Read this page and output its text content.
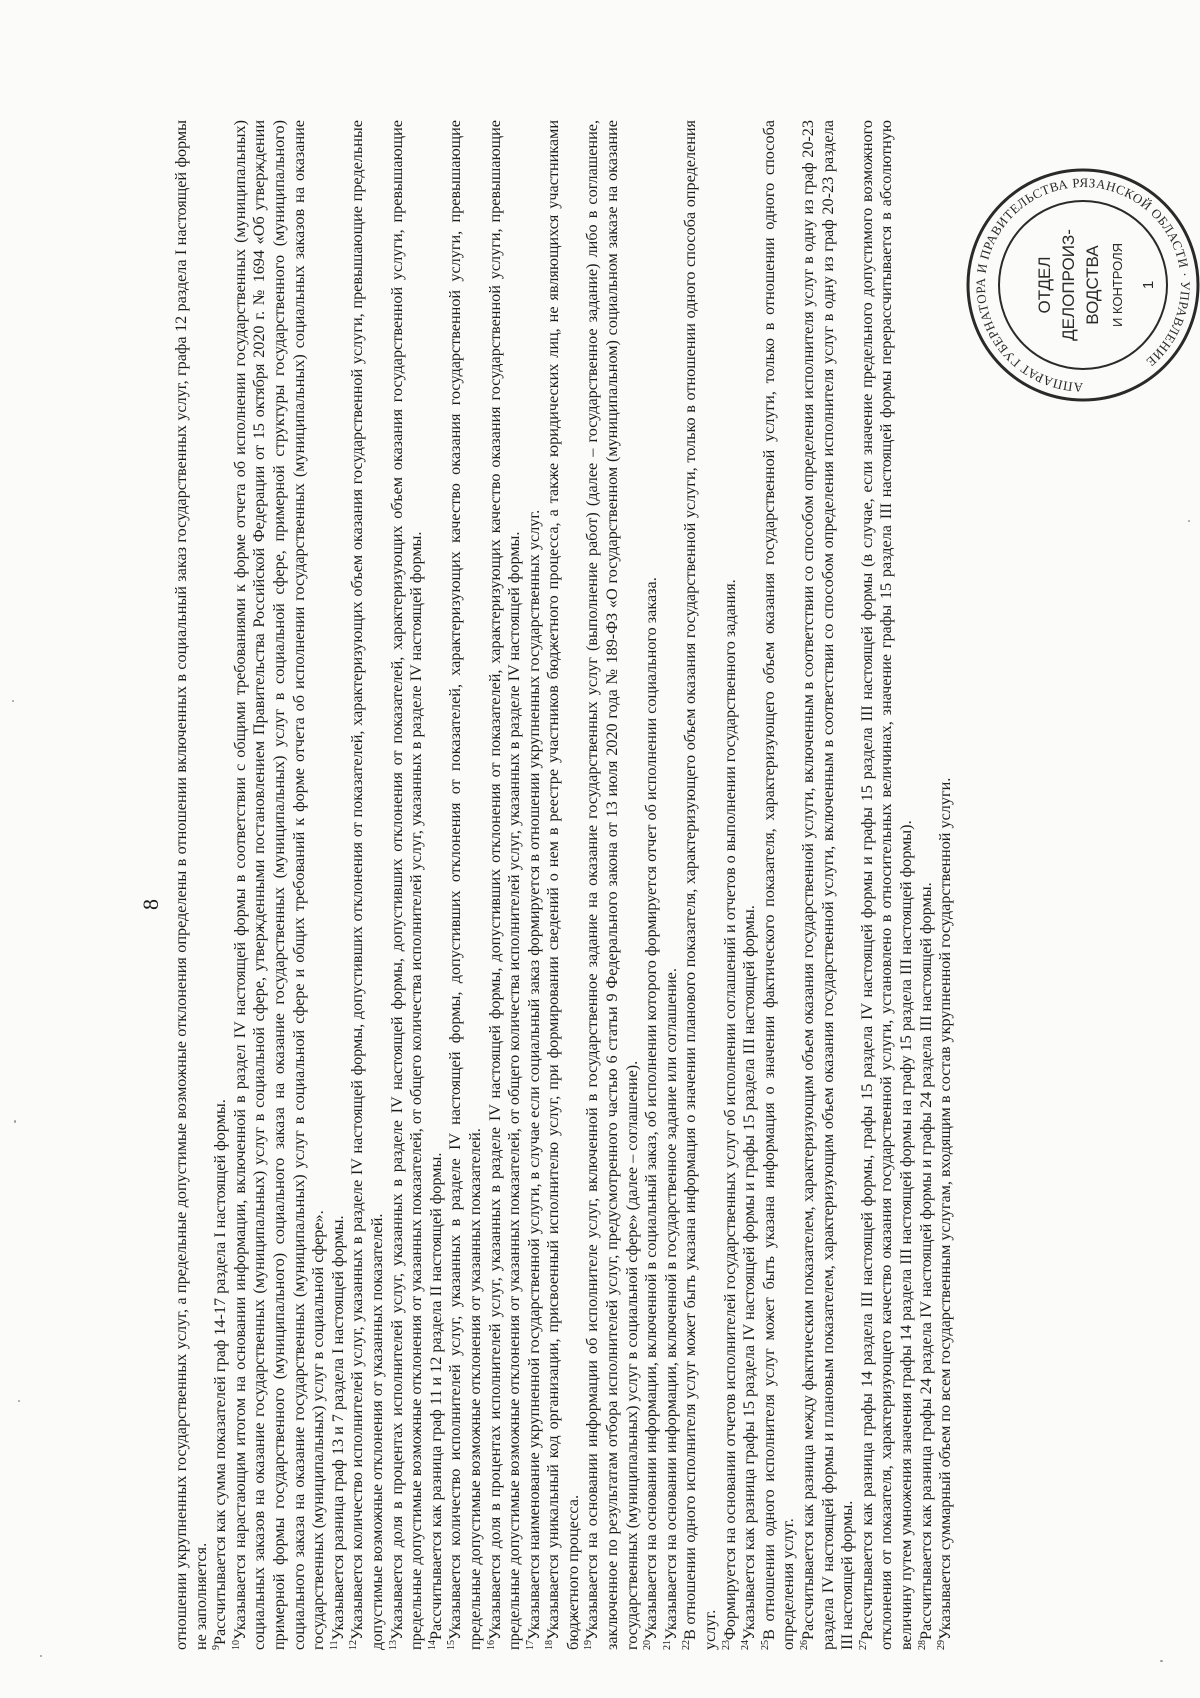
8 отношении укрупненных государственных услуг, а предельные допустимые возможные отклонения определены в отношении включенных в социальный заказ государственных услуг, графа 12 раздела I настоящей формы не заполняется. $^9$Рассчитывается как сумма показателей граф 14-17 раздела I настоящей формы. $^{10}$Указывается нарастающим итогом на основании информации, включенной в раздел IV настоящей формы в соответствии с общими требованиями к форме отчета об исполнении государственных (муниципальных) социальных заказов на оказание государственных (муниципальных) услуг в социальной сфере, утвержденными постановлением Правительства Российской Федерации от 15 октября 2020 г. № 1694 «Об утверждении примерной формы государственного (муниципального) социального заказа на оказание государственных (муниципальных) услуг в социальной сфере, примерной структуры государственного (муниципального) социального заказа на оказание государственных (муниципальных) услуг в социальной сфере и общих требований к форме отчета об исполнении государственных (муниципальных) социальных заказов на оказание государственных (муниципальных) услуг в социальной сфере». $^{11}$Указывается разница граф 13 и 7 раздела I настоящей формы.

$^{12}$Указывается количество исполнителей услуг, указанных в разделе IV настоящей формы, допустивших отклонения от показателей, характеризующих объем оказания государственной услуги, превышающие предельные допустимые возможные отклонения от указанных показателей. $^{13}$Указывается доля в процентах исполнителей услуг, указанных в разделе IV настоящей формы, допустивших отклонения от показателей, характеризующих объем оказания государственной услуги, превышающие предельные допустимые возможные отклонения от указанных показателей, от общего количества исполнителей услуг, указанных в разделе IV настоящей формы. $^{14}$Рассчитывается как разница граф 11 и 12 раздела II настоящей формы.

$^{15}$Указывается количество исполнителей услуг, указанных в разделе IV настоящей формы, допустивших отклонения от показателей, характеризующих качество оказания государственной услуги, превышающие предельные допустимые возможные отклонения от указанных показателей. $^{16}$Указывается доля в процентах исполнителей услуг, указанных в разделе IV настоящей формы, допустивших отклонения от показателей, характеризующих качество оказания государственной услуги, превышающие предельные допустимые возможные отклонения от указанных показателей, от общего количества исполнителей услуг, указанных в разделе IV настоящей формы. $^{17}$Указывается наименование укрупненной государственной услуги, в случае если социальный заказ формируется в отношении укрупненных государственных услуг.

$^{18}$Указывается уникальный код организации, присвоенный исполнителю услуг, при формировании сведений о нем в реестре участников бюджетного процесса, а также юридических лиц, не являющихся участниками бюджетного процесса. $^{19}$Указывается на основании информации об исполнителе услуг, включенной в государственное задание на оказание государственных услуг (выполнение работ) (далее – государственное задание) либо в соглашение, заключенное по результатам отбора исполнителей услуг, предусмотренного частью 6 статьи 9 Федерального закона от 13 июля 2020 года № 189-ФЗ «О государственном (муниципальном) социальном заказе на оказание государственных (муниципальных) услуг в социальной сфере» (далее – соглашение). $^{20}$Указывается на основании информации, включенной в социальный заказ, об исполнении которого формируется отчет об исполнении социального заказа.

$^{21}$Указывается на основании информации, включенной в государственное задание или соглашение.

$^{22}$В отношении одного исполнителя услуг может быть указана информация о значении планового показателя, характеризующего объем оказания государственной услуги, только в отношении одного способа определения услуг. $^{23}$Формируется на основании отчетов исполнителей государственных услуг об исполнении соглашений и отчетов о выполнении государственного задания.

$^{24}$Указывается как разница графы 15 раздела IV настоящей формы и графы 15 раздела III настоящей формы.

$^{25}$В отношении одного исполнителя услуг может быть указана информация о значении фактического показателя, характеризующего объем оказания государственной услуги, только в отношении одного способа определения услуг. $^{26}$Рассчитывается как разница между фактическим показателем, характеризующим объем оказания государственной услуги, включенным в соответствии со способом определения исполнителя услуг в одну из граф 20-23 раздела IV настоящей формы и плановым показателем, характеризующим объем оказания государственной услуги, включенным в соответствии со способом определения исполнителя услуг в одну из граф 20-23 раздела III настоящей формы. $^{27}$Рассчитывается как разница графы 14 раздела III настоящей формы, графы 15 раздела IV настоящей формы и графы 15 раздела III настоящей формы (в случае, если значение предельного допустимого возможного отклонения от показателя, характеризующего качество оказания государственной услуги, установлено в относительных величинах, значение графы 15 раздела III настоящей формы перерассчитывается в абсолютную величину путем умножения значения графы 14 раздела III настоящей формы на графу 15 раздела III настоящей формы). $^{28}$Рассчитывается как разница графы 24 раздела IV настоящей формы и графы 24 раздела III настоящей формы.

$^{29}$Указывается суммарный объем по всем государственным услугам, входящим в состав укрупненной государственной услуги.

АППАРАТ ГУБЕРНАТОРА И ПРАВИТЕЛЬСТВА РЯЗАНСКОЙ ОБЛАСТИ · УПРАВЛЕНИЕ
ОТДЕЛ ДЕЛОПРОИЗ- ВОДСТВА И КОНТРОЛЯ 1
